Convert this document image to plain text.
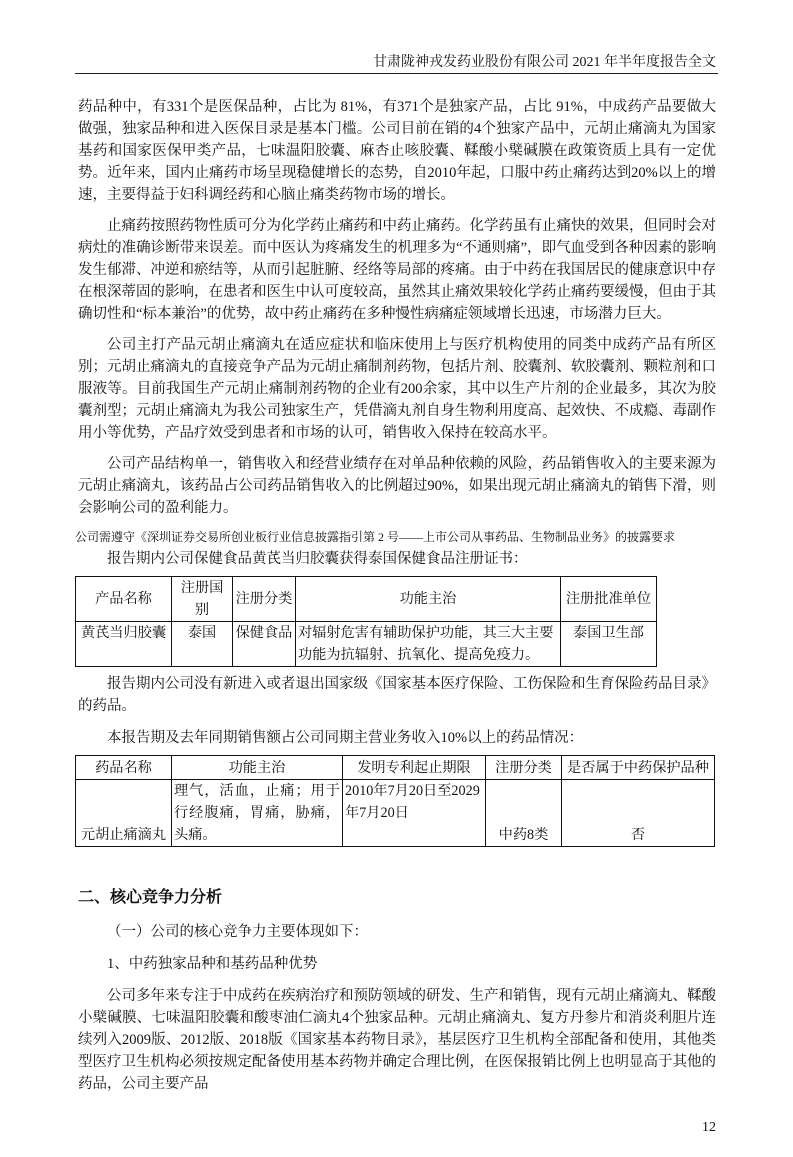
甘肃陇神戎发药业股份有限公司 2021 年半年度报告全文
药品种中，有331个是医保品种，占比为 81%，有371个是独家产品，占比 91%，中成药产品要做大做强，独家品种和进入医保目录是基本门槛。公司目前在销的4个独家产品中，元胡止痛滴丸为国家基药和国家医保甲类产品，七味温阳胶囊、麻杏止咳胶囊、鞣酸小檗碱膜在政策资质上具有一定优势。近年来，国内止痛药市场呈现稳健增长的态势，自2010年起，口服中药止痛药达到20%以上的增速，主要得益于妇科调经药和心脑止痛类药物市场的增长。
止痛药按照药物性质可分为化学药止痛药和中药止痛药。化学药虽有止痛快的效果，但同时会对病灶的准确诊断带来误差。而中医认为疼痛发生的机理多为“不通则痛”，即气血受到各种因素的影响发生郁滞、冲逆和瘀结等，从而引起脏腑、经络等局部的疼痛。由于中药在我国居民的健康意识中存在根深蒂固的影响，在患者和医生中认可度较高，虽然其止痛效果较化学药止痛药要缓慢，但由于其确切性和“标本兼治”的优势，故中药止痛药在多种慢性病痛症领域增长迅速，市场潜力巨大。
公司主打产品元胡止痛滴丸在适应症状和临床使用上与医疗机构使用的同类中成药产品有所区别；元胡止痛滴丸的直接竞争产品为元胡止痛制剂药物，包括片剂、胶囊剂、软胶囊剂、颗粒剂和口服液等。目前我国生产元胡止痛制剂药物的企业有200余家，其中以生产片剂的企业最多，其次为胶囊剂型；元胡止痛滴丸为我公司独家生产，凭借滴丸剂自身生物利用度高、起效快、不成瘾、毒副作用小等优势，产品疗效受到患者和市场的认可，销售收入保持在较高水平。
公司产品结构单一，销售收入和经营业绩存在对单品种依赖的风险，药品销售收入的主要来源为元胡止痛滴丸，该药品占公司药品销售收入的比例超过90%，如果出现元胡止痛滴丸的销售下滑，则会影响公司的盈利能力。
公司需遵守《深圳证券交易所创业板行业信息披露指引第 2 号——上市公司从事药品、生物制品业务》的披露要求
报告期内公司保健食品黄芪当归胶囊获得泰国保健食品注册证书：
产品名称	注册国别	注册分类	功能主治	注册批准单位
黄芪当归胶囊	泰国	保健食品	对辐射危害有辅助保护功能，其三大主要功能为抗辐射、抗氧化、提高免疫力。	泰国卫生部
报告期内公司没有新进入或者退出国家级《国家基本医疗保险、工伤保险和生育保险药品目录》的药品。
本报告期及去年同期销售额占公司同期主营业务收入10%以上的药品情况：
药品名称	功能主治	发明专利起止期限	注册分类	是否属于中药保护品种
元胡止痛滴丸	理气，活血，止痛；用于行经腹痛，胃痛，胁痛，头痛。	2010年7月20日至2029年7月20日	中药8类	否
二、核心竞争力分析
（一）公司的核心竞争力主要体现如下：
1、中药独家品种和基药品种优势
公司多年来专注于中成药在疾病治疗和预防领域的研发、生产和销售，现有元胡止痛滴丸、鞣酸小檗碱膜、七味温阳胶囊和酸枣油仁滴丸4个独家品种。元胡止痛滴丸、复方丹参片和消炎利胆片连续列入2009版、2012版、2018版《国家基本药物目录》，基层医疗卫生机构全部配备和使用，其他类型医疗卫生机构必须按规定配备使用基本药物并确定合理比例，在医保报销比例上也明显高于其他的药品，公司主要产品
12
